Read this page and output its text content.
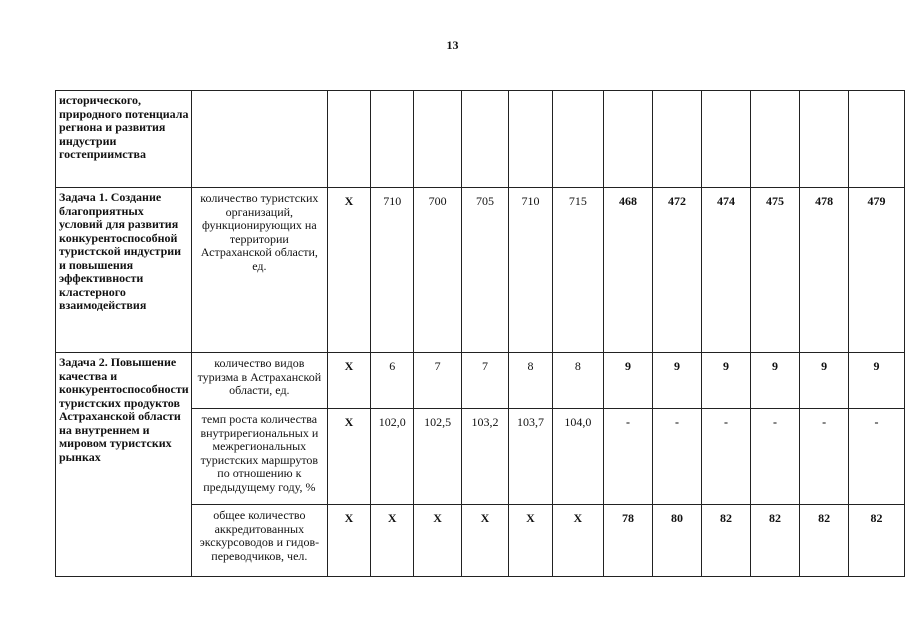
13
исторического, природного потенциала региона и развития индустрии гостеприимства													

Задача 1. Создание благоприятных условий для развития конкурентоспособной туристской индустрии и повышения эффективности кластерного взаимодействия	количество туристских организаций, функционирующих на территории Астраханской области, ед.	Х	710	700	705	710	715	468	472	474	475	478	479

Задача 2. Повышение качества и конкурентоспособности туристских продуктов Астраханской области на внутреннем и мировом туристских рынках	количество видов туризма в Астраханской области, ед.	Х	6	7	7	8	8	9	9	9	9	9	9
	темп роста количества внутрирегиональных и межрегиональных туристских маршрутов по отношению к предыдущему году, %	Х	102,0	102,5	103,2	103,7	104,0	-	-	-	-	-	-
	общее количество аккредитованных экскурсоводов и гидов-переводчиков, чел.	Х	Х	Х	Х	Х	Х	78	80	82	82	82	82
